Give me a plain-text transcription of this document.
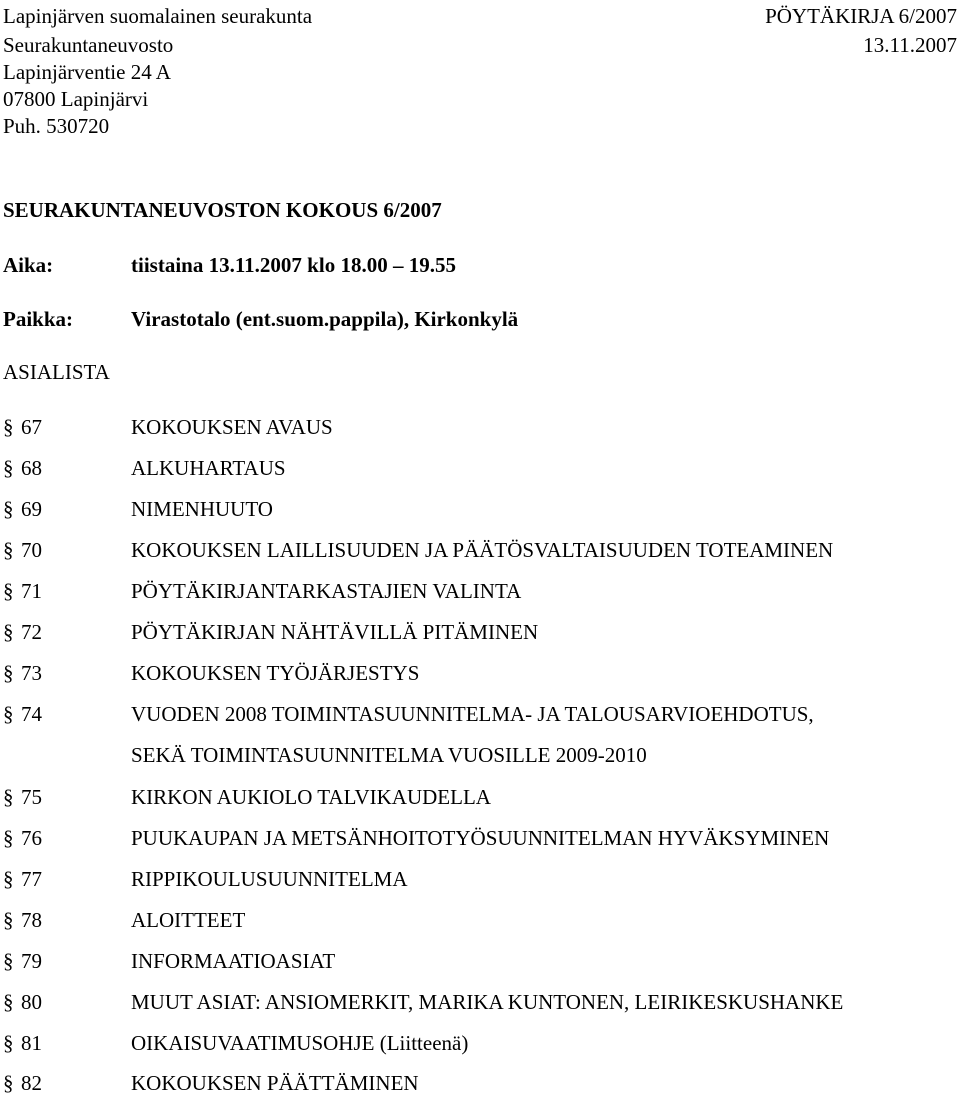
Lapinjärven suomalainen seurakunta	PÖYTÄKIRJA 6/2007
Seurakuntaneuvosto	13.11.2007
Lapinjärventie 24 A
07800 Lapinjärvi
Puh. 530720
SEURAKUNTANEUVOSTON KOKOUS 6/2007
Aika:	tiistaina 13.11.2007 klo 18.00 – 19.55
Paikka:	Virastotalo (ent.suom.pappila), Kirkonkylä
ASIALISTA
§ 67	KOKOUKSEN AVAUS
§ 68	ALKUHARTAUS
§ 69	NIMENHUUTO
§ 70	KOKOUKSEN LAILLISUUDEN JA PÄÄTÖSVALTAISUUDEN TOTEAMINEN
§ 71	PÖYTÄKIRJANTARKASTAJIEN VALINTA
§ 72	PÖYTÄKIRJAN NÄHTÄVILLÄ PITÄMINEN
§ 73	KOKOUKSEN TYÖJÄRJESTYS
§ 74	VUODEN 2008 TOIMINTASUUNNITELMA- JA TALOUSARVIOEHDOTUS,
SEKÄ TOIMINTASUUNNITELMA VUOSILLE 2009-2010
§ 75	KIRKON AUKIOLO TALVIKAUDELLA
§ 76	PUUKAUPAN JA METSÄNHOITOTYÖSUUNNITELMAN HYVÄKSYMINEN
§ 77	RIPPIKOULUSUUNNITELMA
§ 78	ALOITTEET
§ 79	INFORMAATIOASIAT
§ 80	MUUT ASIAT: ANSIOMERKIT, MARIKA KUNTONEN, LEIRIKESKUSHANKE
§ 81	OIKAISUVAATIMUSOHJE (Liitteenä)
§ 82	KOKOUKSEN PÄÄTTÄMINEN
